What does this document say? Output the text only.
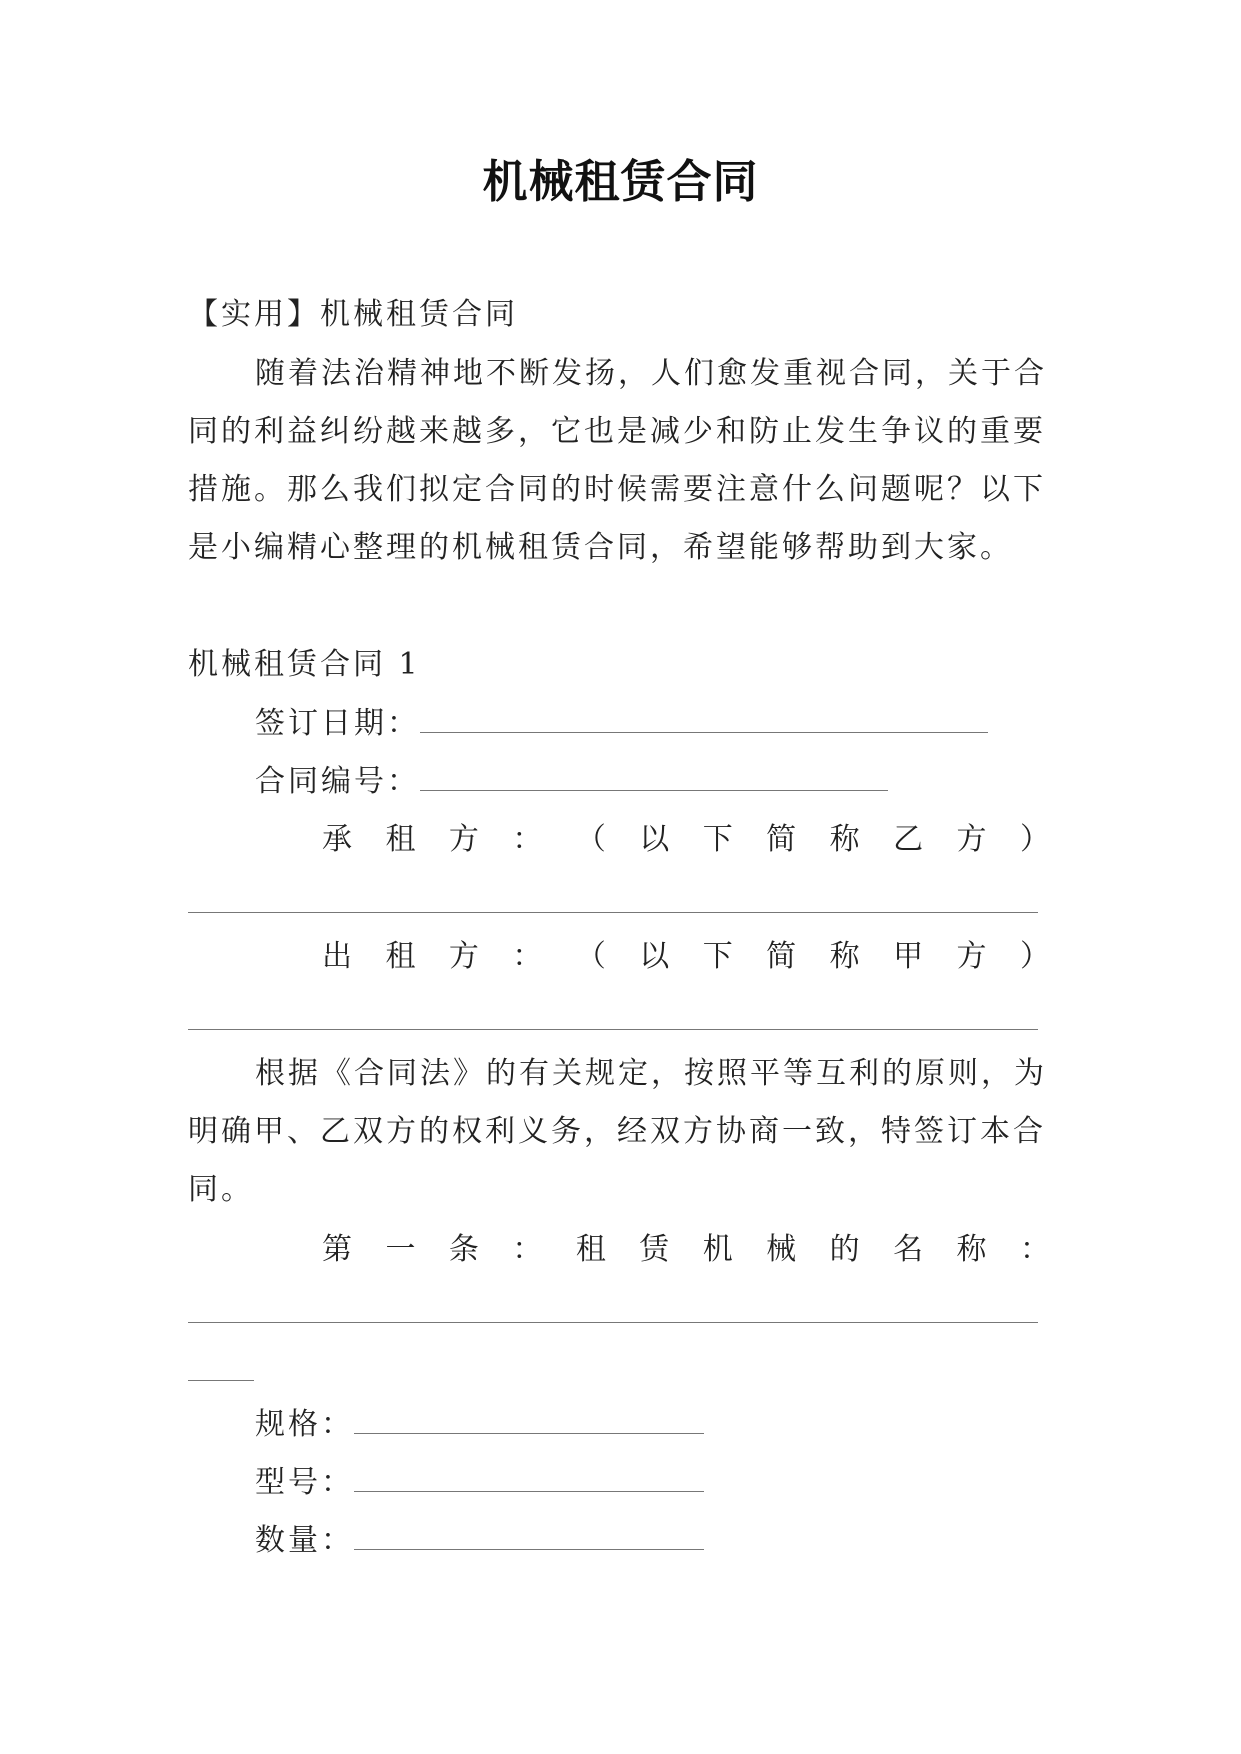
机械租赁合同
【实用】机械租赁合同
随着法治精神地不断发扬，人们愈发重视合同，关于合
同的利益纠纷越来越多，它也是减少和防止发生争议的重要
措施。那么我们拟定合同的时候需要注意什么问题呢？以下
是小编精心整理的机械租赁合同，希望能够帮助到大家。
机械租赁合同 1
签订日期：
合同编号：
承 租 方 ： （ 以 下 简 称 乙 方 ）
出 租 方 ： （ 以 下 简 称 甲 方 ）
根据《合同法》的有关规定，按照平等互利的原则，为
明确甲、乙双方的权利义务，经双方协商一致，特签订本合
同。
第 一 条 ： 租 赁 机 械 的 名 称 ：
规格：
型号：
数量：
